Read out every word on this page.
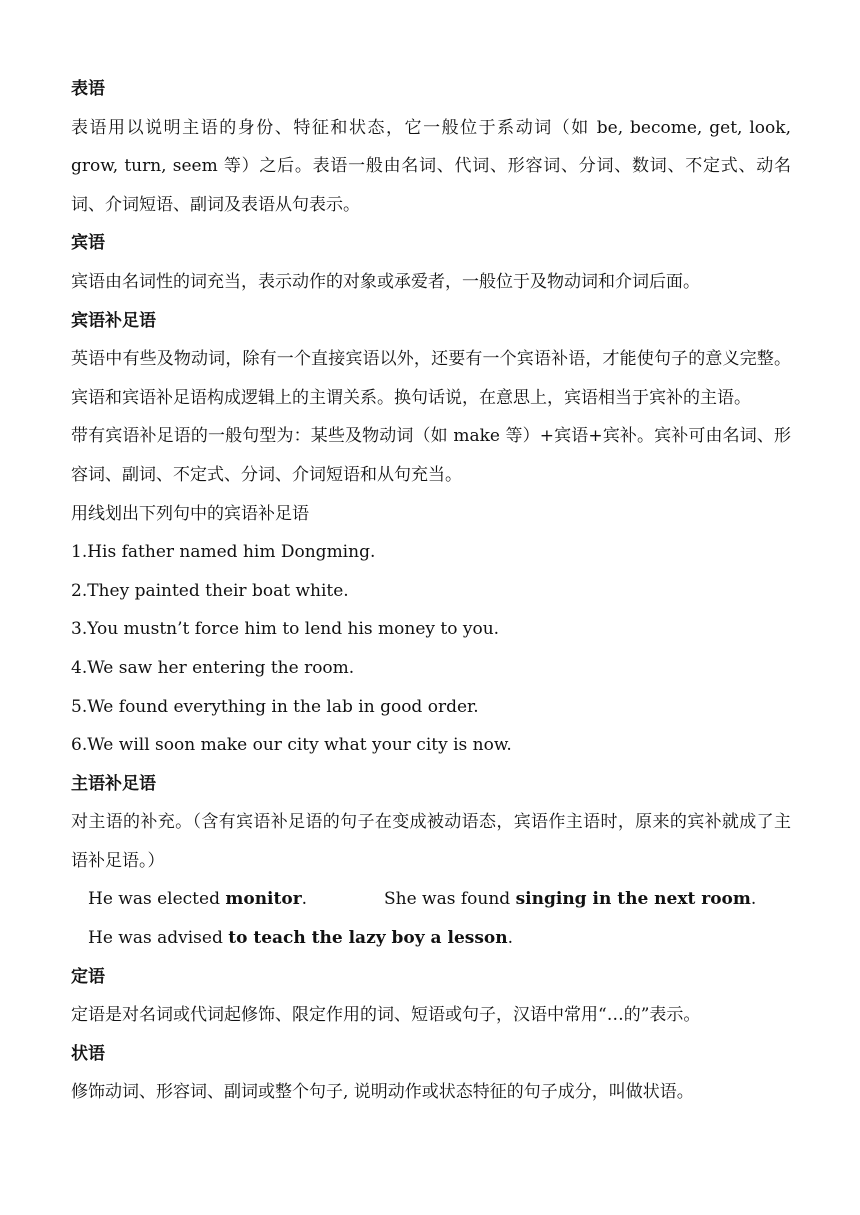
表语
表语用以说明主语的身份、特征和状态，它一般位于系动词（如 be, become, get, look, grow, turn, seem 等）之后。表语一般由名词、代词、形容词、分词、数词、不定式、动名词、介词短语、副词及表语从句表示。
宾语
宾语由名词性的词充当，表示动作的对象或承爱者，一般位于及物动词和介词后面。
宾语补足语
英语中有些及物动词，除有一个直接宾语以外，还要有一个宾语补语，才能使句子的意义完整。宾语和宾语补足语构成逻辑上的主谓关系。换句话说，在意思上，宾语相当于宾补的主语。
带有宾语补足语的一般句型为：某些及物动词（如 make 等）+宾语+宾补。宾补可由名词、形容词、副词、不定式、分词、介词短语和从句充当。
用线划出下列句中的宾语补足语
1.His father named him Dongming.
2.They painted their boat white.
3.You mustn’t force him to lend his money to you.
4.We saw her entering the room.
5.We found everything in the lab in good order.
6.We will soon make our city what your city is now.
主语补足语
对主语的补充。（含有宾语补足语的句子在变成被动语态，宾语作主语时，原来的宾补就成了主语补足语。）
He was elected monitor.	She was found singing in the next room.
He was advised to teach the lazy boy a lesson.
定语
定语是对名词或代词起修饰、限定作用的词、短语或句子，汉语中常用“…的”表示。
状语
修饰动词、形容词、副词或整个句子, 说明动作或状态特征的句子成分，叫做状语。
